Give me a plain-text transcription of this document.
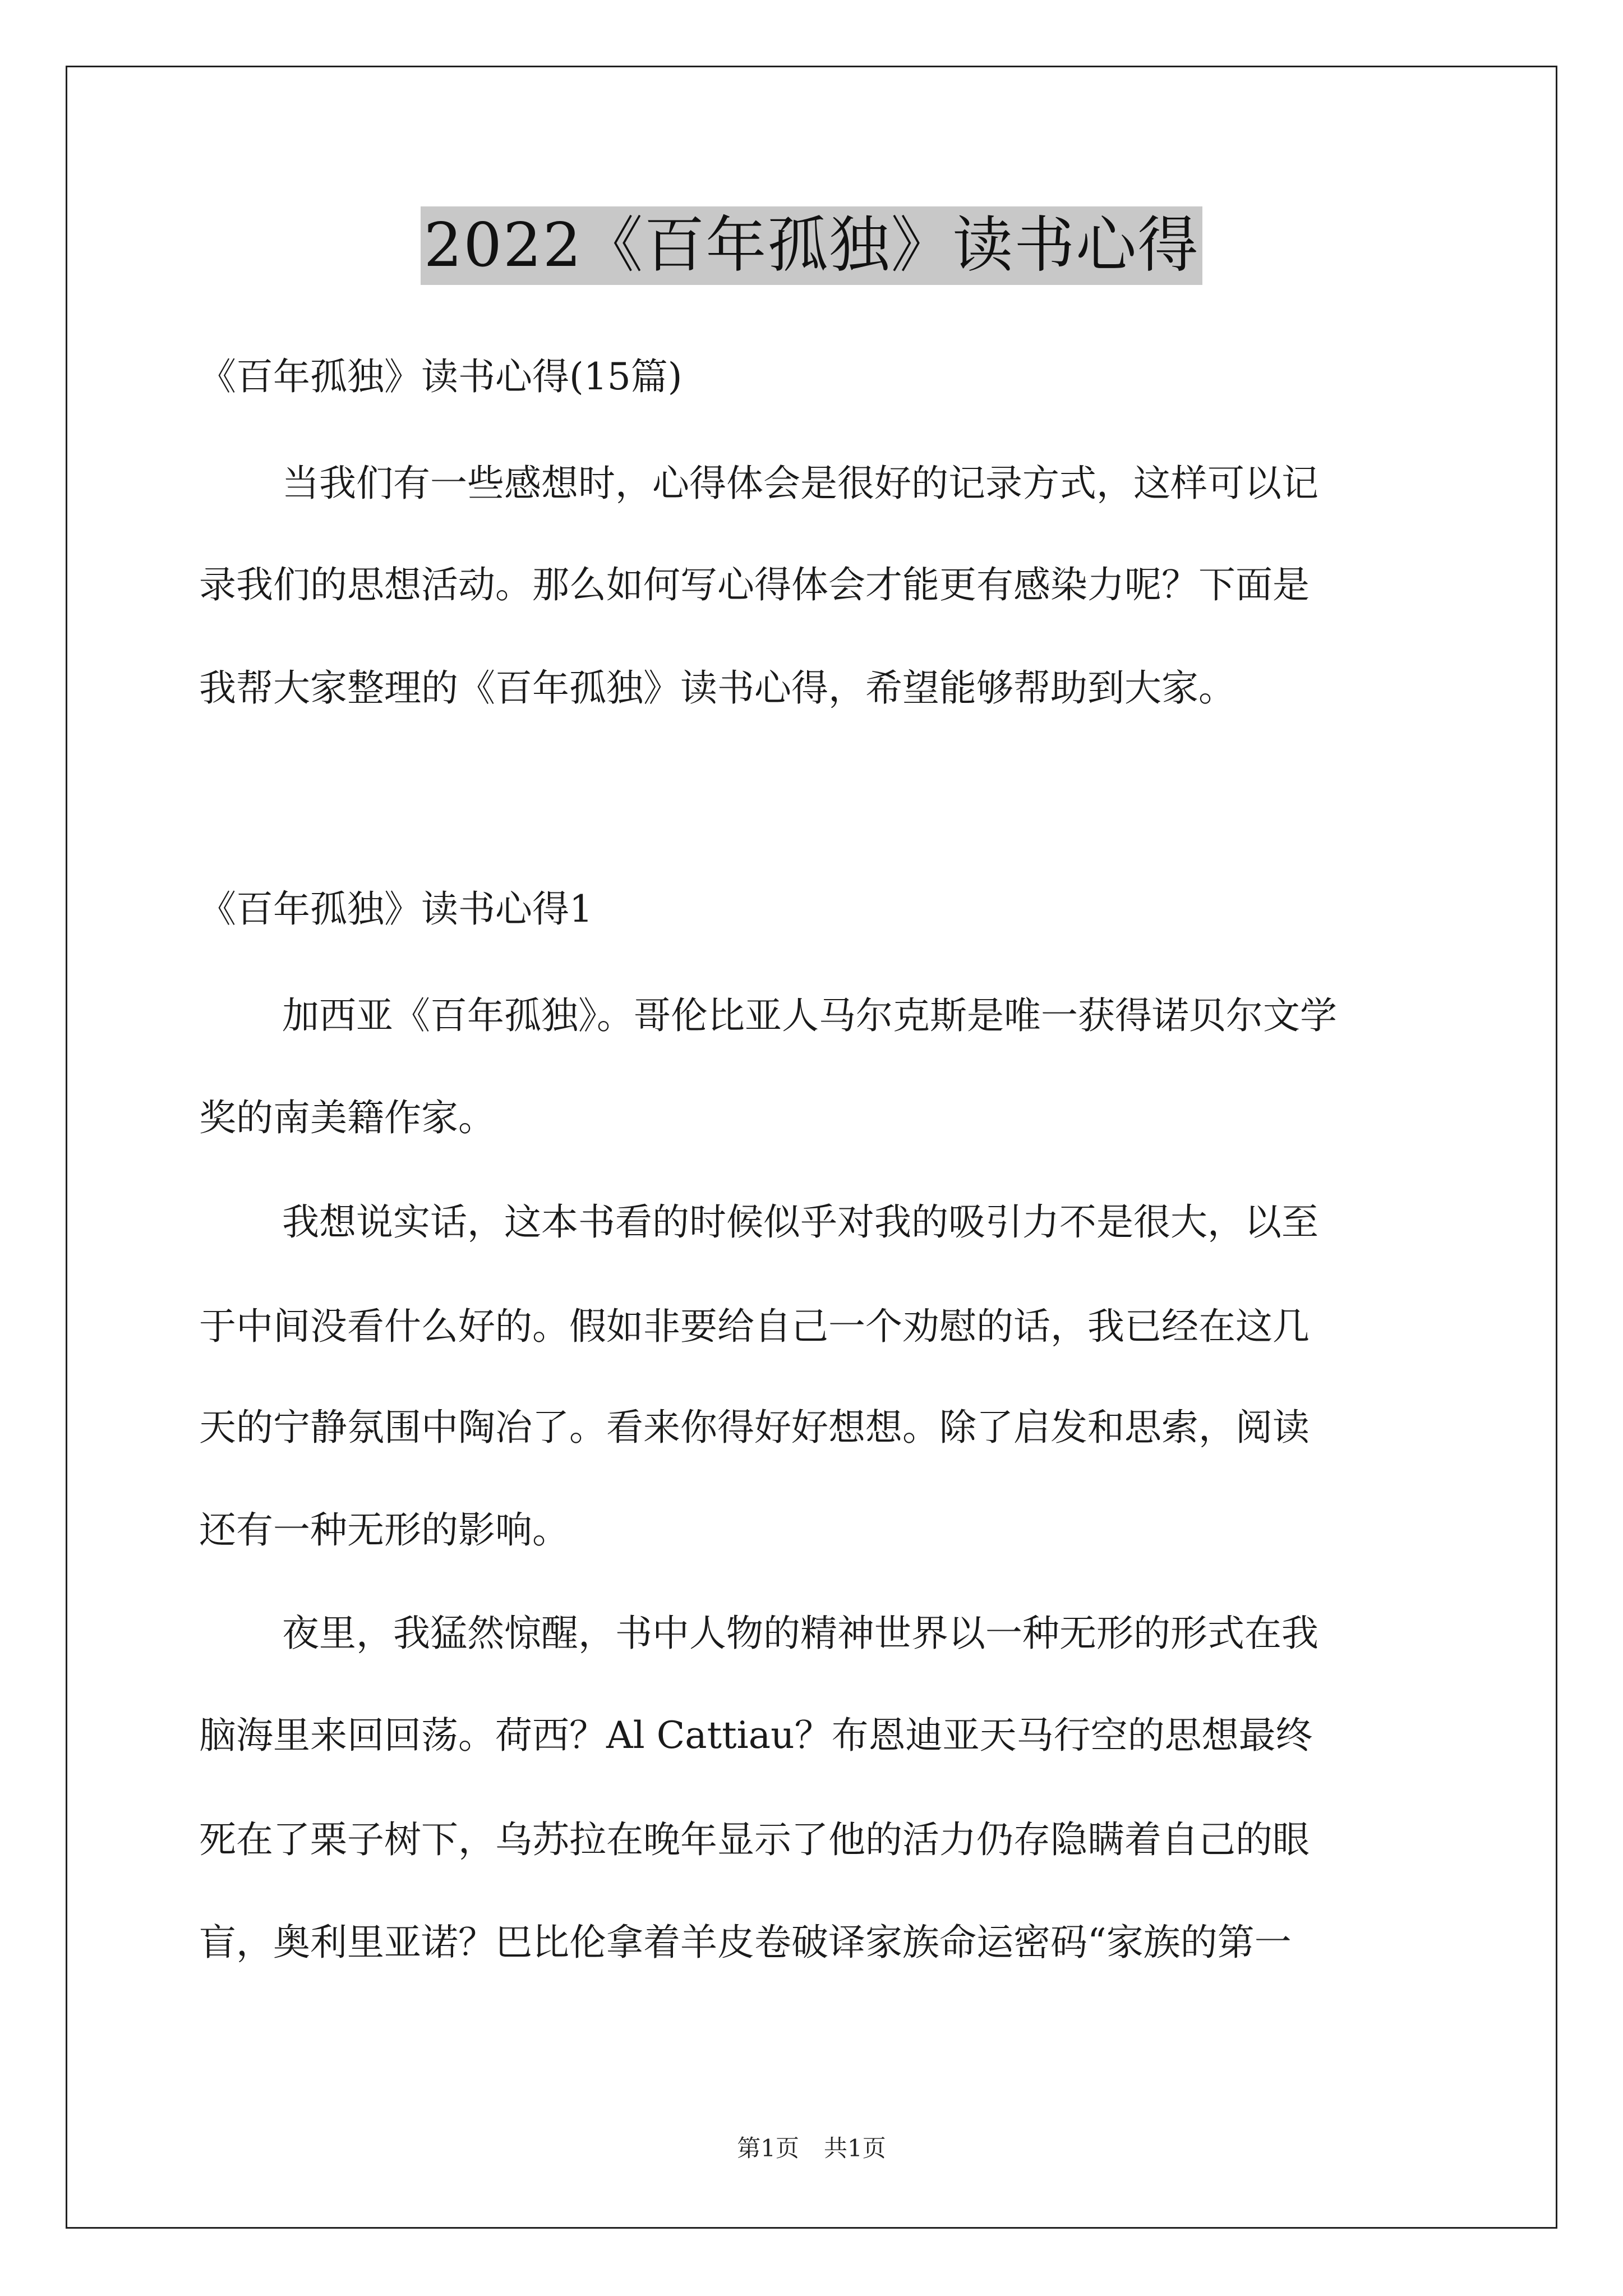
2022《百年孤独》读书心得
《百年孤独》读书心得(15篇)
当我们有一些感想时，心得体会是很好的记录方式，这样可以记
录我们的思想活动。那么如何写心得体会才能更有感染力呢？下面是
我帮大家整理的《百年孤独》读书心得，希望能够帮助到大家。
《百年孤独》读书心得1
加西亚《百年孤独》。哥伦比亚人马尔克斯是唯一获得诺贝尔文学
奖的南美籍作家。
我想说实话，这本书看的时候似乎对我的吸引力不是很大，以至
于中间没看什么好的。假如非要给自己一个劝慰的话，我已经在这几
天的宁静氛围中陶冶了。看来你得好好想想。除了启发和思索，阅读
还有一种无形的影响。
夜里，我猛然惊醒，书中人物的精神世界以一种无形的形式在我
脑海里来回回荡。荷西？Al Cattiau？布恩迪亚天马行空的思想最终
死在了栗子树下，乌苏拉在晚年显示了他的活力仍存隐瞒着自己的眼
盲，奥利里亚诺？巴比伦拿着羊皮卷破译家族命运密码“家族的第一
第1页 共1页
